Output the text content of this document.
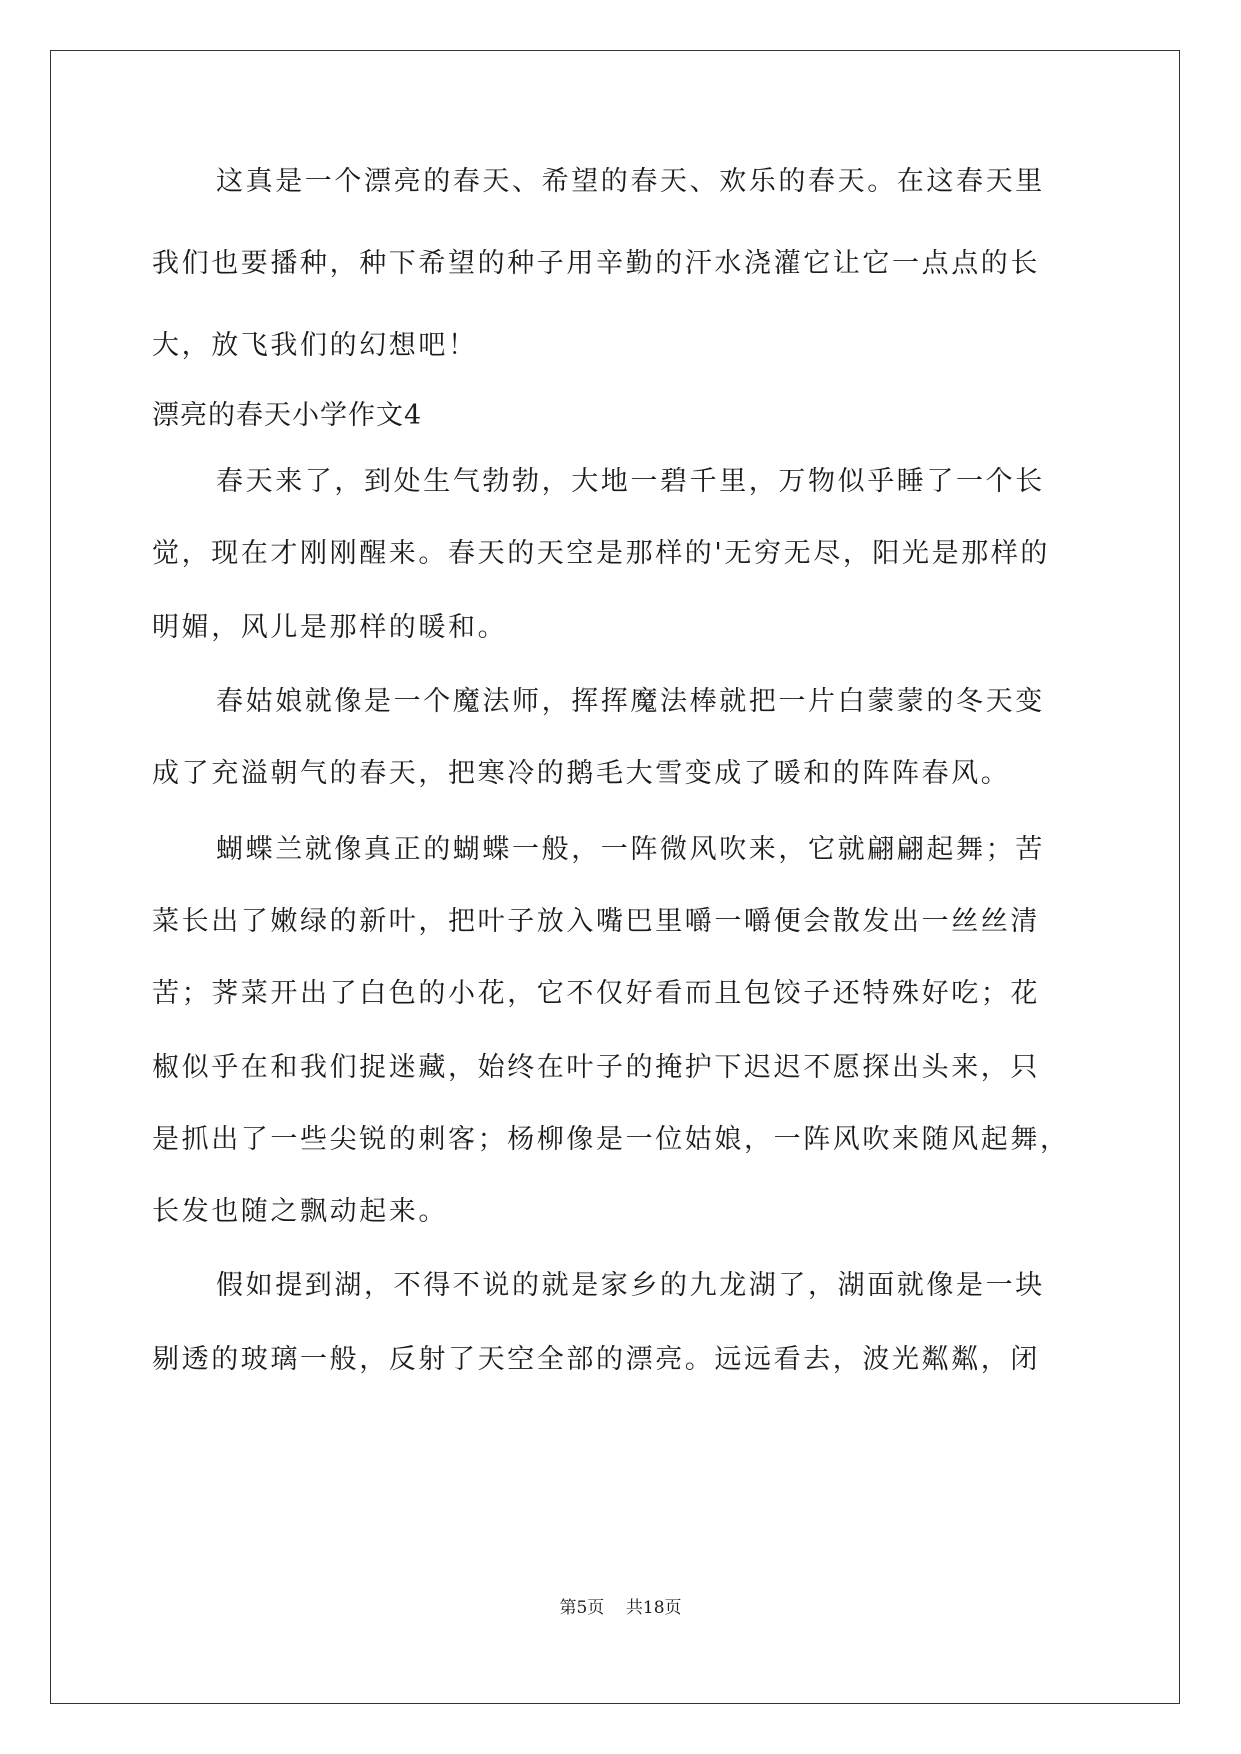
这真是一个漂亮的春天、希望的春天、欢乐的春天。在这春天里
我们也要播种，种下希望的种子用辛勤的汗水浇灌它让它一点点的长
大，放飞我们的幻想吧！
漂亮的春天小学作文4
春天来了，到处生气勃勃，大地一碧千里，万物似乎睡了一个长
觉，现在才刚刚醒来。春天的天空是那样的'无穷无尽，阳光是那样的
明媚，风儿是那样的暖和。
春姑娘就像是一个魔法师，挥挥魔法棒就把一片白蒙蒙的冬天变
成了充溢朝气的春天，把寒冷的鹅毛大雪变成了暖和的阵阵春风。
蝴蝶兰就像真正的蝴蝶一般，一阵微风吹来，它就翩翩起舞；苦
菜长出了嫩绿的新叶，把叶子放入嘴巴里嚼一嚼便会散发出一丝丝清
苦；荠菜开出了白色的小花，它不仅好看而且包饺子还特殊好吃；花
椒似乎在和我们捉迷藏，始终在叶子的掩护下迟迟不愿探出头来，只
是抓出了一些尖锐的刺客；杨柳像是一位姑娘，一阵风吹来随风起舞，
长发也随之飘动起来。
假如提到湖，不得不说的就是家乡的九龙湖了，湖面就像是一块
剔透的玻璃一般，反射了天空全部的漂亮。远远看去，波光粼粼，闭
第5页 共18页
